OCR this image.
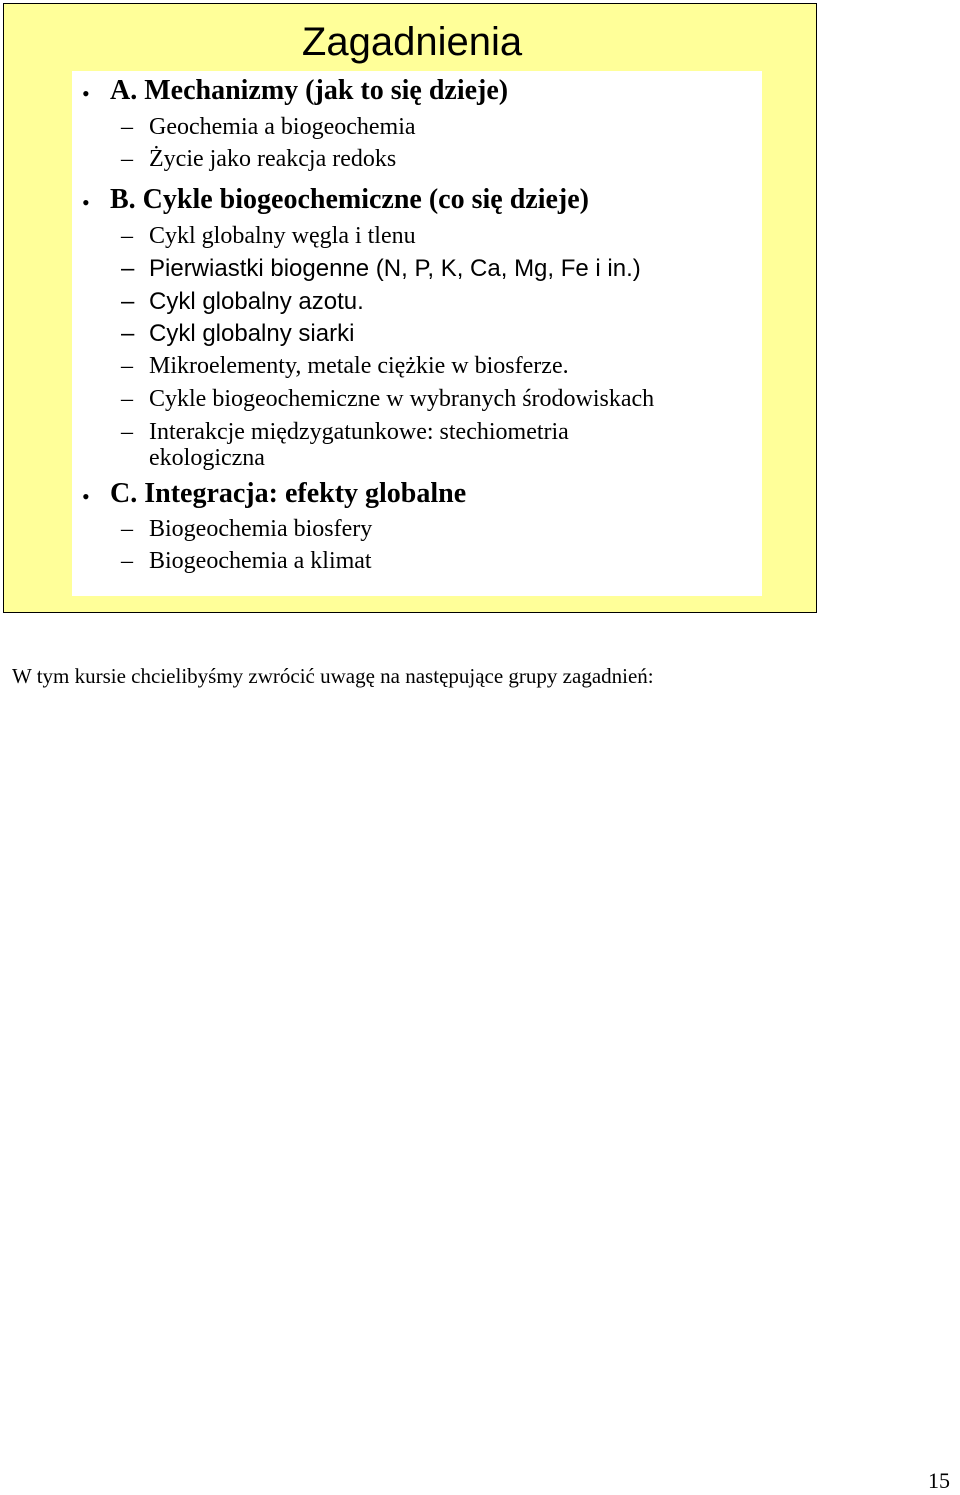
Zagadnienia
• A. Mechanizmy (jak to się dzieje)
– Geochemia a biogeochemia
– Życie jako reakcja redoks
• B. Cykle biogeochemiczne (co się dzieje)
– Cykl globalny węgla i tlenu
– Pierwiastki biogenne (N, P, K, Ca, Mg, Fe i in.)
– Cykl globalny azotu.
– Cykl globalny siarki
– Mikroelementy, metale ciężkie w biosferze.
– Cykle biogeochemiczne w wybranych środowiskach
– Interakcje międzygatunkowe: stechiometria
ekologiczna
• C. Integracja: efekty globalne
– Biogeochemia biosfery
– Biogeochemia a klimat
W tym kursie chcielibyśmy zwrócić uwagę na następujące grupy zagadnień:
15
